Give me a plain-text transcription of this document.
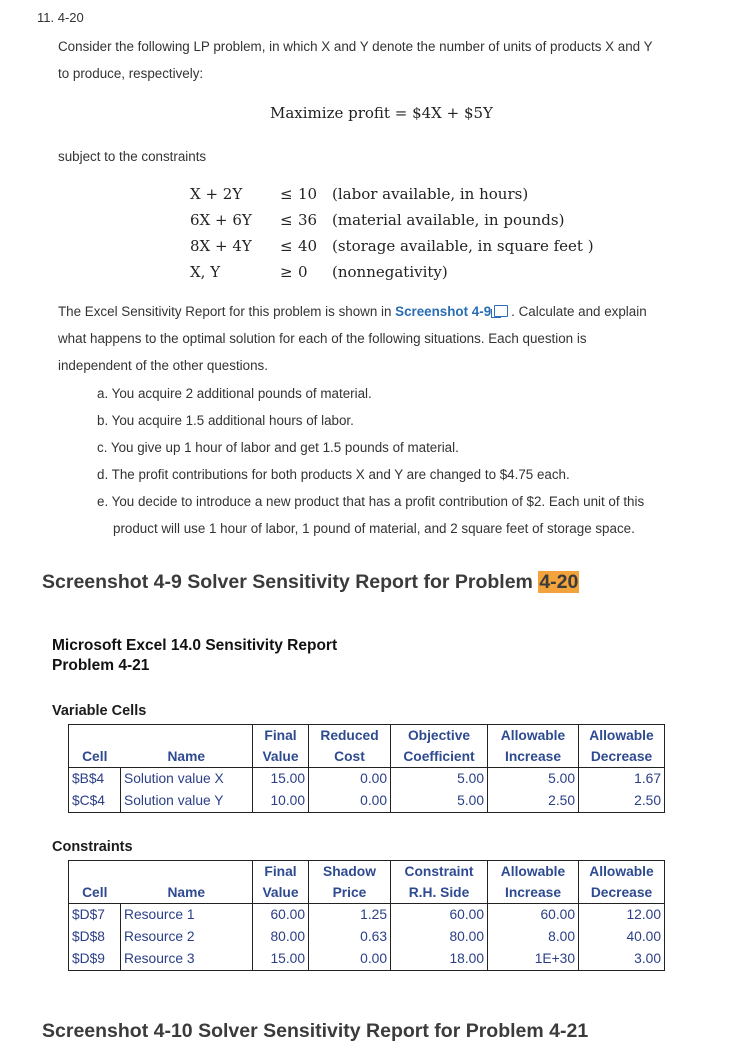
11. 4-20
Consider the following LP problem, in which X and Y denote the number of units of products X and Y
to produce, respectively:
Maximize profit = $4X + $5Y
subject to the constraints
X + 2Y	≤ 10 (labor available, in hours)
6X + 6Y ≤ 36 (material available, in pounds)
8X + 4Y ≤ 40 (storage available, in square feet )
X, Y	≥ 0 (nonnegativity)
The Excel Sensitivity Report for this problem is shown in Screenshot 4-9 . Calculate and explain
what happens to the optimal solution for each of the following situations. Each question is
independent of the other questions.
a. You acquire 2 additional pounds of material.
b. You acquire 1.5 additional hours of labor.
c. You give up 1 hour of labor and get 1.5 pounds of material.
d. The profit contributions for both products X and Y are changed to $4.75 each.
e. You decide to introduce a new product that has a profit contribution of $2. Each unit of this
product will use 1 hour of labor, 1 pound of material, and 2 square feet of storage space.
Screenshot 4-9 Solver Sensitivity Report for Problem 4-20
Microsoft Excel 14.0 Sensitivity Report
Problem 4-21
Variable Cells
		Final	Reduced	Objective	Allowable	Allowable
Cell	Name	Value	Cost	Coefficient	Increase	Decrease
$B$4	Solution value X	15.00	0.00	5.00	5.00	1.67
$C$4	Solution value Y	10.00	0.00	5.00	2.50	2.50
Constraints
		Final	Shadow	Constraint	Allowable	Allowable
Cell	Name	Value	Price	R.H. Side	Increase	Decrease
$D$7	Resource 1	60.00	1.25	60.00	60.00	12.00
$D$8	Resource 2	80.00	0.63	80.00	8.00	40.00
$D$9	Resource 3	15.00	0.00	18.00	1E+30	3.00
Screenshot 4-10 Solver Sensitivity Report for Problem 4-21
